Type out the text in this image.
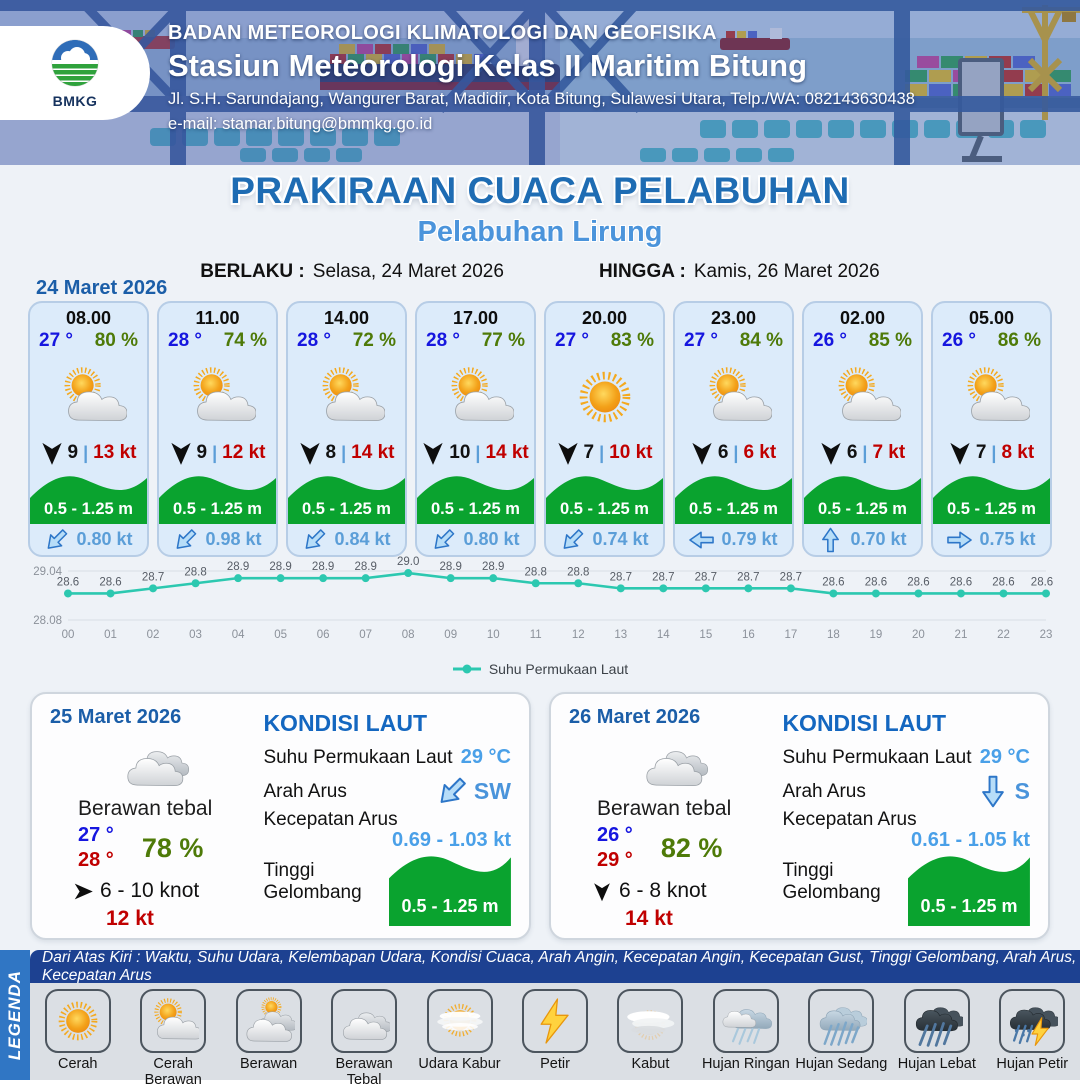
BMKG
BADAN METEOROLOGI KLIMATOLOGI DAN GEOFISIKA
Stasiun Meteorologi Kelas II Maritim Bitung
Jl. S.H. Sarundajang, Wangurer Barat, Madidir, Kota Bitung, Sulawesi Utara, Telp./WA: 082143630438
e-mail: stamar.bitung@bmmkg.go.id
PRAKIRAAN CUACA PELABUHAN
Pelabuhan Lirung
BERLAKU : Selasa, 24 Maret 2026	HINGGA : Kamis, 26 Maret 2026
24 Maret 2026
08.00
27 ° 80 %
9 | 13 kt
0.5 - 1.25 m
0.80 kt
11.00
28 ° 74 %
9 | 12 kt
0.5 - 1.25 m
0.98 kt
14.00
28 ° 72 %
8 | 14 kt
0.5 - 1.25 m
0.84 kt
17.00
28 ° 77 %
10 | 14 kt
0.5 - 1.25 m
0.80 kt
20.00
27 ° 83 %
7 | 10 kt
0.5 - 1.25 m
0.74 kt
23.00
27 ° 84 %
6 | 6 kt
0.5 - 1.25 m
0.79 kt
02.00
26 ° 85 %
6 | 7 kt
0.5 - 1.25 m
0.70 kt
05.00
26 ° 86 %
7 | 8 kt
0.5 - 1.25 m
0.75 kt
29.04
28.08
28.6
00
28.6
01
28.7
02
28.8
03
28.9
04
28.9
05
28.9
06
28.9
07
29.0
08
28.9
09
28.9
10
28.8
11
28.8
12
28.7
13
28.7
14
28.7
15
28.7
16
28.7
17
28.6
18
28.6
19
28.6
20
28.6
21
28.6
22
28.6
23
Suhu Permukaan Laut
25 Maret 2026
Berawan tebal
27 °
28 ° 78 %
6 - 10 knot
12 kt
KONDISI LAUT
Suhu Permukaan Laut 29 °C
Arah Arus	SW
Kecepatan Arus
0.69 - 1.03 kt
Tinggi Gelombang
0.5 - 1.25 m
26 Maret 2026
Berawan tebal
26 °
29 ° 82 %
6 - 8 knot
14 kt
KONDISI LAUT
Suhu Permukaan Laut 29 °C
Arah Arus	S
Kecepatan Arus
0.61 - 1.05 kt
Tinggi Gelombang
0.5 - 1.25 m
LEGENDA
Dari Atas Kiri : Waktu, Suhu Udara, Kelembapan Udara, Kondisi Cuaca, Arah Angin, Kecepatan Angin, Kecepatan Gust, Tinggi Gelombang, Arah Arus, Kecepatan Arus
Cerah	Cerah Berawan
Berawan	Berawan Tebal
Udara Kabur	Petir	Kabut	Hujan Ringan Hujan Sedang Hujan Lebat	Hujan Petir
